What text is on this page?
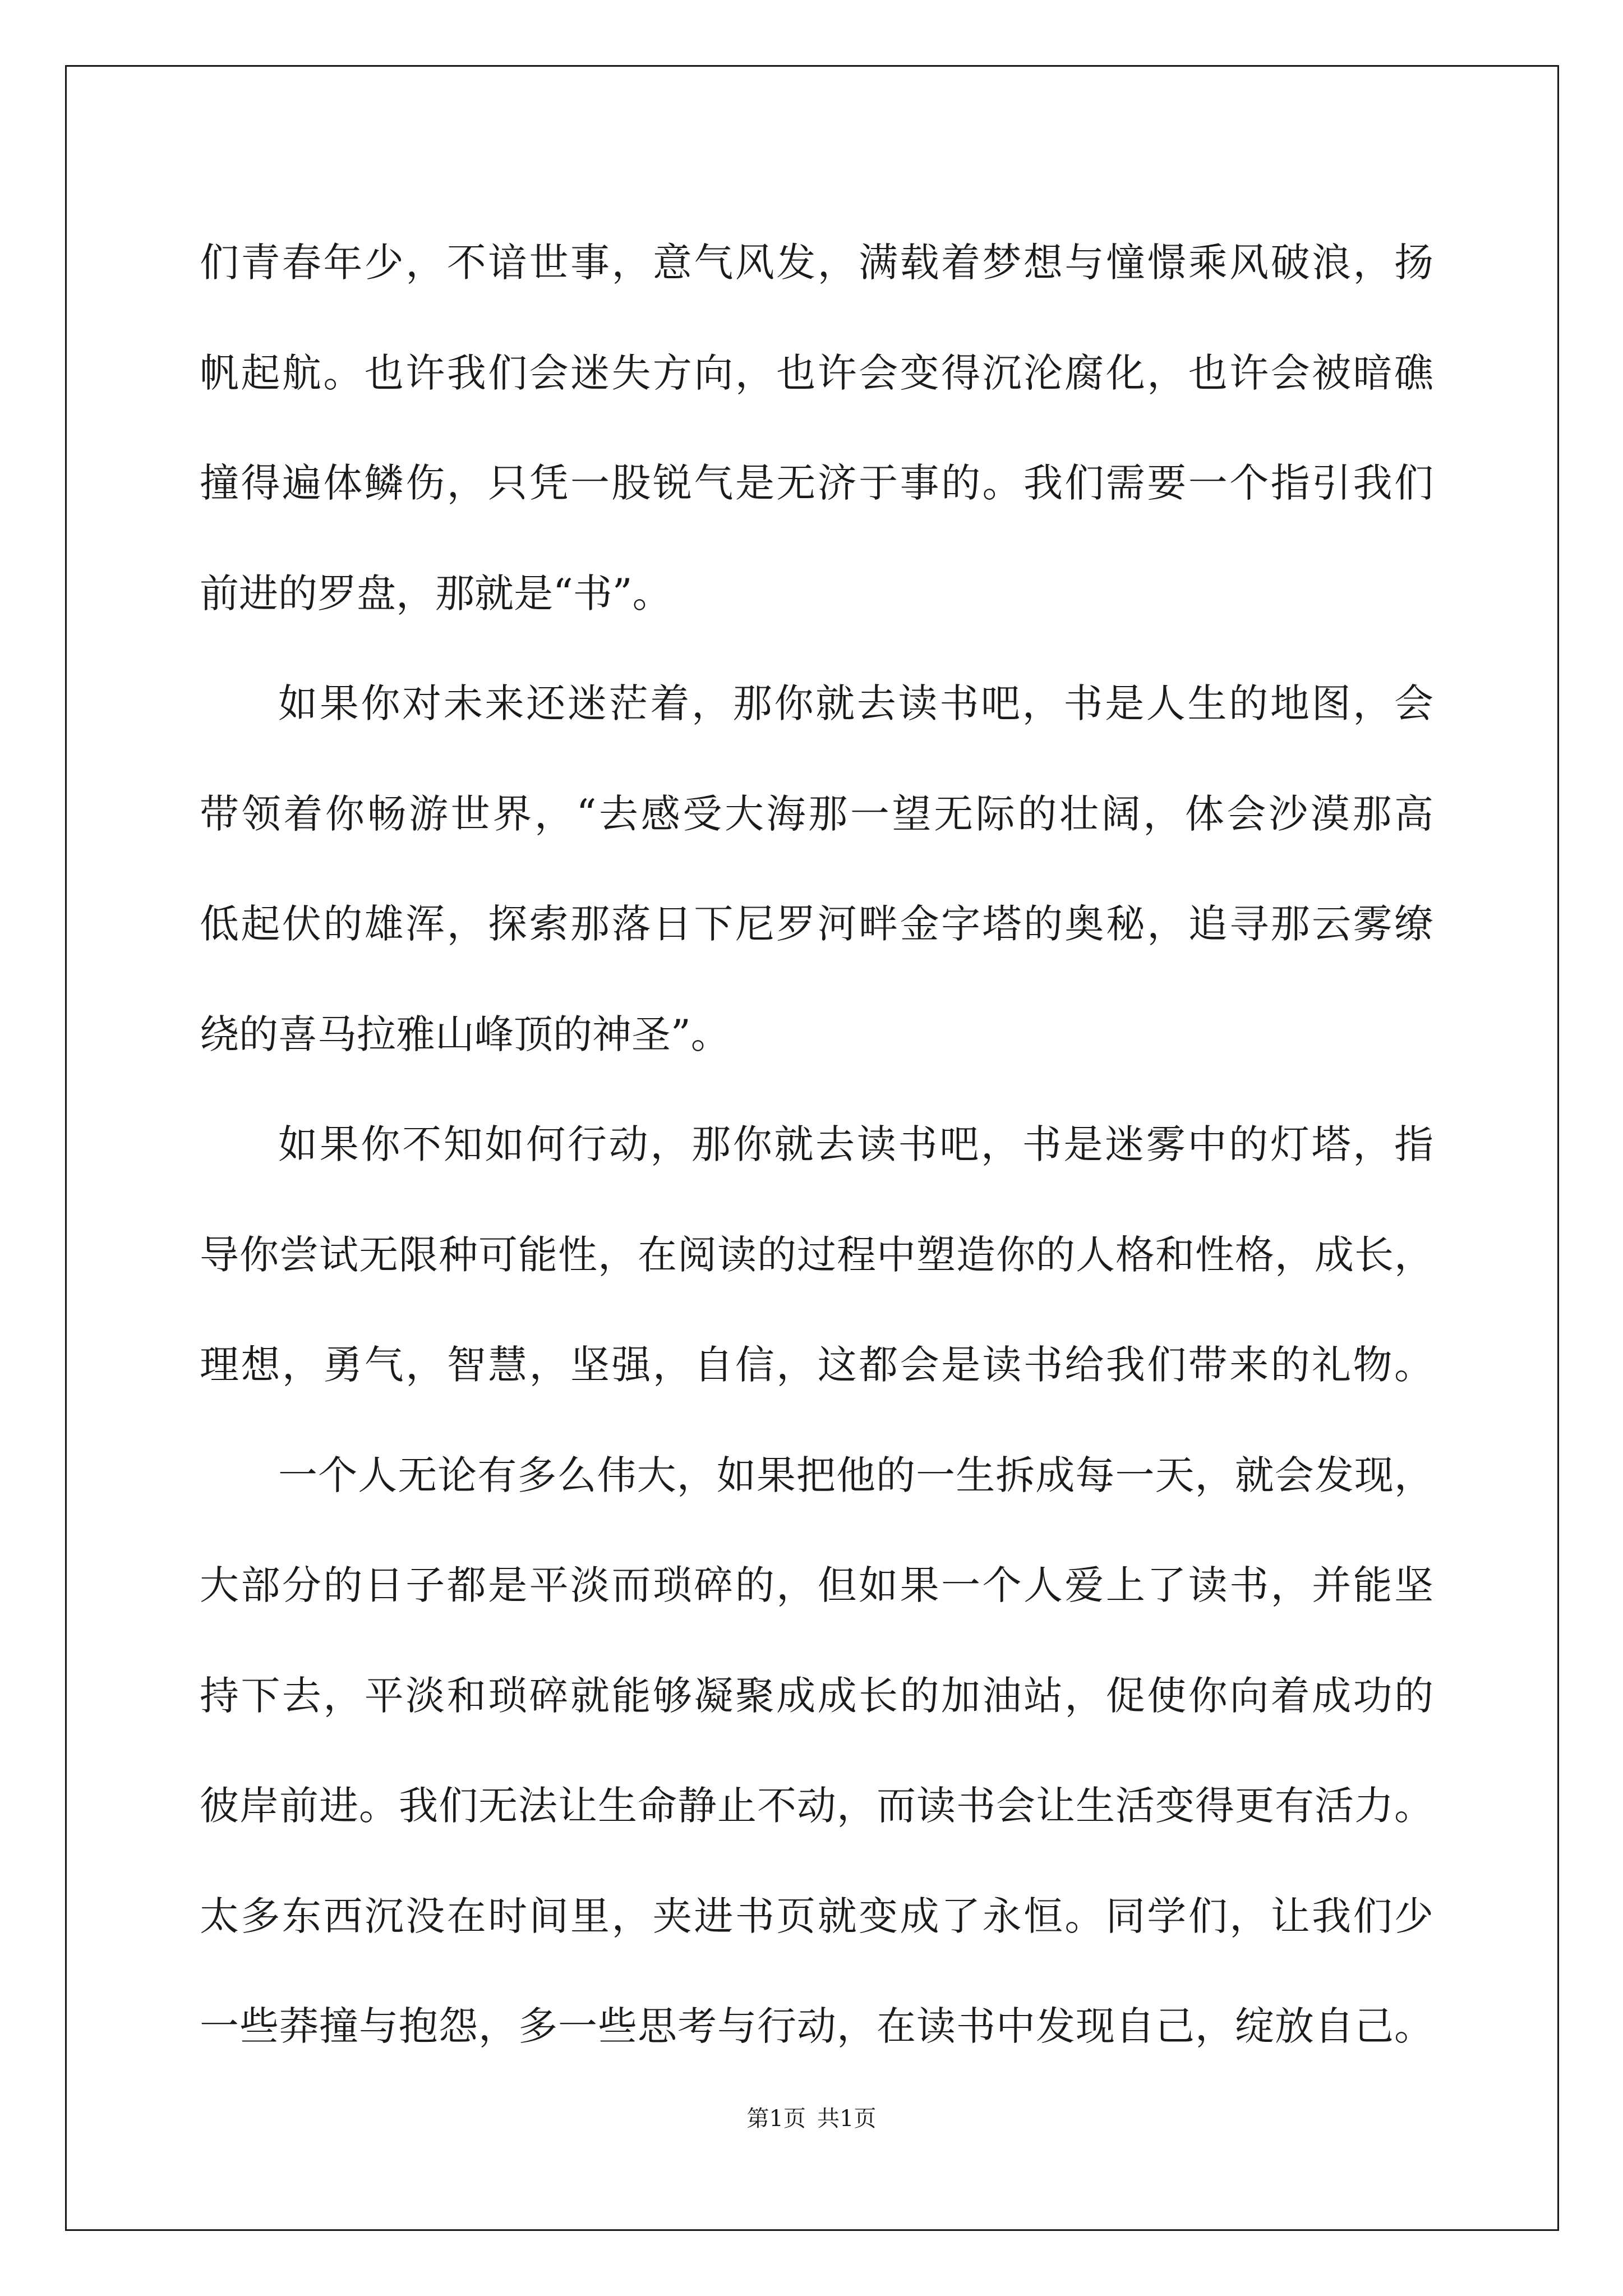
们青春年少，不谙世事，意气风发，满载着梦想与憧憬乘风破浪，扬
帆起航。也许我们会迷失方向，也许会变得沉沦腐化，也许会被暗礁
撞得遍体鳞伤，只凭一股锐气是无济于事的。我们需要一个指引我们
前进的罗盘，那就是“书”。
如果你对未来还迷茫着，那你就去读书吧，书是人生的地图，会
带领着你畅游世界，“去感受大海那一望无际的壮阔，体会沙漠那高
低起伏的雄浑，探索那落日下尼罗河畔金字塔的奥秘，追寻那云雾缭
绕的喜马拉雅山峰顶的神圣”。
如果你不知如何行动，那你就去读书吧，书是迷雾中的灯塔，指
导你尝试无限种可能性，在阅读的过程中塑造你的人格和性格，成长，
理想，勇气，智慧，坚强，自信，这都会是读书给我们带来的礼物。
一个人无论有多么伟大，如果把他的一生拆成每一天，就会发现，
大部分的日子都是平淡而琐碎的，但如果一个人爱上了读书，并能坚
持下去，平淡和琐碎就能够凝聚成成长的加油站，促使你向着成功的
彼岸前进。我们无法让生命静止不动，而读书会让生活变得更有活力。
太多东西沉没在时间里，夹进书页就变成了永恒。同学们，让我们少
一些莽撞与抱怨，多一些思考与行动，在读书中发现自己，绽放自己。
第1页 共1页
